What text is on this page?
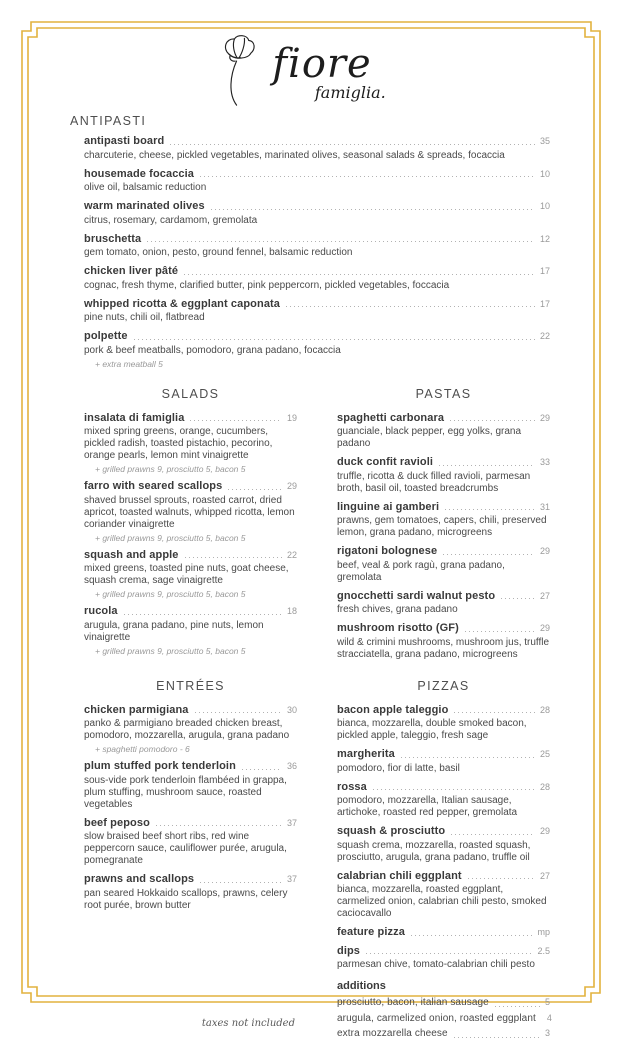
fiore
famiglia.
ANTIPASTI
antipasti board	35
charcuterie, cheese, pickled vegetables, marinated olives, seasonal salads & spreads, focaccia
housemade focaccia	10
olive oil, balsamic reduction
warm marinated olives	10
citrus, rosemary, cardamom, gremolata
bruschetta	12
gem tomato, onion, pesto, ground fennel, balsamic reduction
chicken liver pâté	17
cognac, fresh thyme, clarified butter, pink peppercorn, pickled vegetables, foccacia
whipped ricotta & eggplant caponata	17
pine nuts, chili oil, flatbread
polpette	22
pork & beef meatballs, pomodoro, grana padano, focaccia
+ extra meatball 5
SALADS
insalata di famiglia	19
mixed spring greens, orange, cucumbers, pickled radish, toasted pistachio, pecorino, orange pearls, lemon mint vinaigrette
+ grilled prawns 9, prosciutto 5, bacon 5
farro with seared scallops	29
shaved brussel sprouts, roasted carrot, dried apricot, toasted walnuts, whipped ricotta, lemon coriander vinaigrette
+ grilled prawns 9, prosciutto 5, bacon 5
squash and apple	22
mixed greens, toasted pine nuts, goat cheese, squash crema, sage vinaigrette
+ grilled prawns 9, prosciutto 5, bacon 5
rucola	18
arugula, grana padano, pine nuts, lemon vinaigrette
+ grilled prawns 9, prosciutto 5, bacon 5
PASTAS
spaghetti carbonara	29
guanciale, black pepper, egg yolks, grana padano
duck confit ravioli	33
truffle, ricotta & duck filled ravioli, parmesan broth, basil oil, toasted breadcrumbs
linguine ai gamberi	31
prawns, gem tomatoes, capers, chili, preserved lemon, grana padano, microgreens
rigatoni bolognese	29
beef, veal & pork ragù, grana padano, gremolata
gnocchetti sardi walnut pesto	27
fresh chives, grana padano
mushroom risotto (GF)	29
wild & crimini mushrooms, mushroom jus, truffle stracciatella, grana padano, microgreens
ENTRÉES
chicken parmigiana	30
panko & parmigiano breaded chicken breast, pomodoro, mozzarella, arugula, grana padano
+ spaghetti pomodoro - 6
plum stuffed pork tenderloin	36
sous-vide pork tenderloin flambéed in grappa, plum stuffing, mushroom sauce, roasted vegetables
beef peposo	37
slow braised beef short ribs, red wine peppercorn sauce, cauliflower purée, arugula, pomegranate
prawns and scallops	37
pan seared Hokkaido scallops, prawns, celery root purée, brown butter
taxes not included
PIZZAS
bacon apple taleggio	28
bianca, mozzarella, double smoked bacon, pickled apple, taleggio, fresh sage
margherita	25
pomodoro, fior di latte, basil
rossa	28
pomodoro, mozzarella, Italian sausage, artichoke, roasted red pepper, gremolata
squash & prosciutto	29
squash crema, mozzarella, roasted squash, prosciutto, arugula, grana padano, truffle oil
calabrian chili eggplant	27
bianca, mozzarella, roasted eggplant, carmelized onion, calabrian chili pesto, smoked caciocavallo
feature pizza	mp
dips	2.5
parmesan chive, tomato-calabrian chili pesto
additions
prosciutto, bacon, italian sausage	5
arugula, carmelized onion, roasted eggplant 4
extra mozzarella cheese	3
